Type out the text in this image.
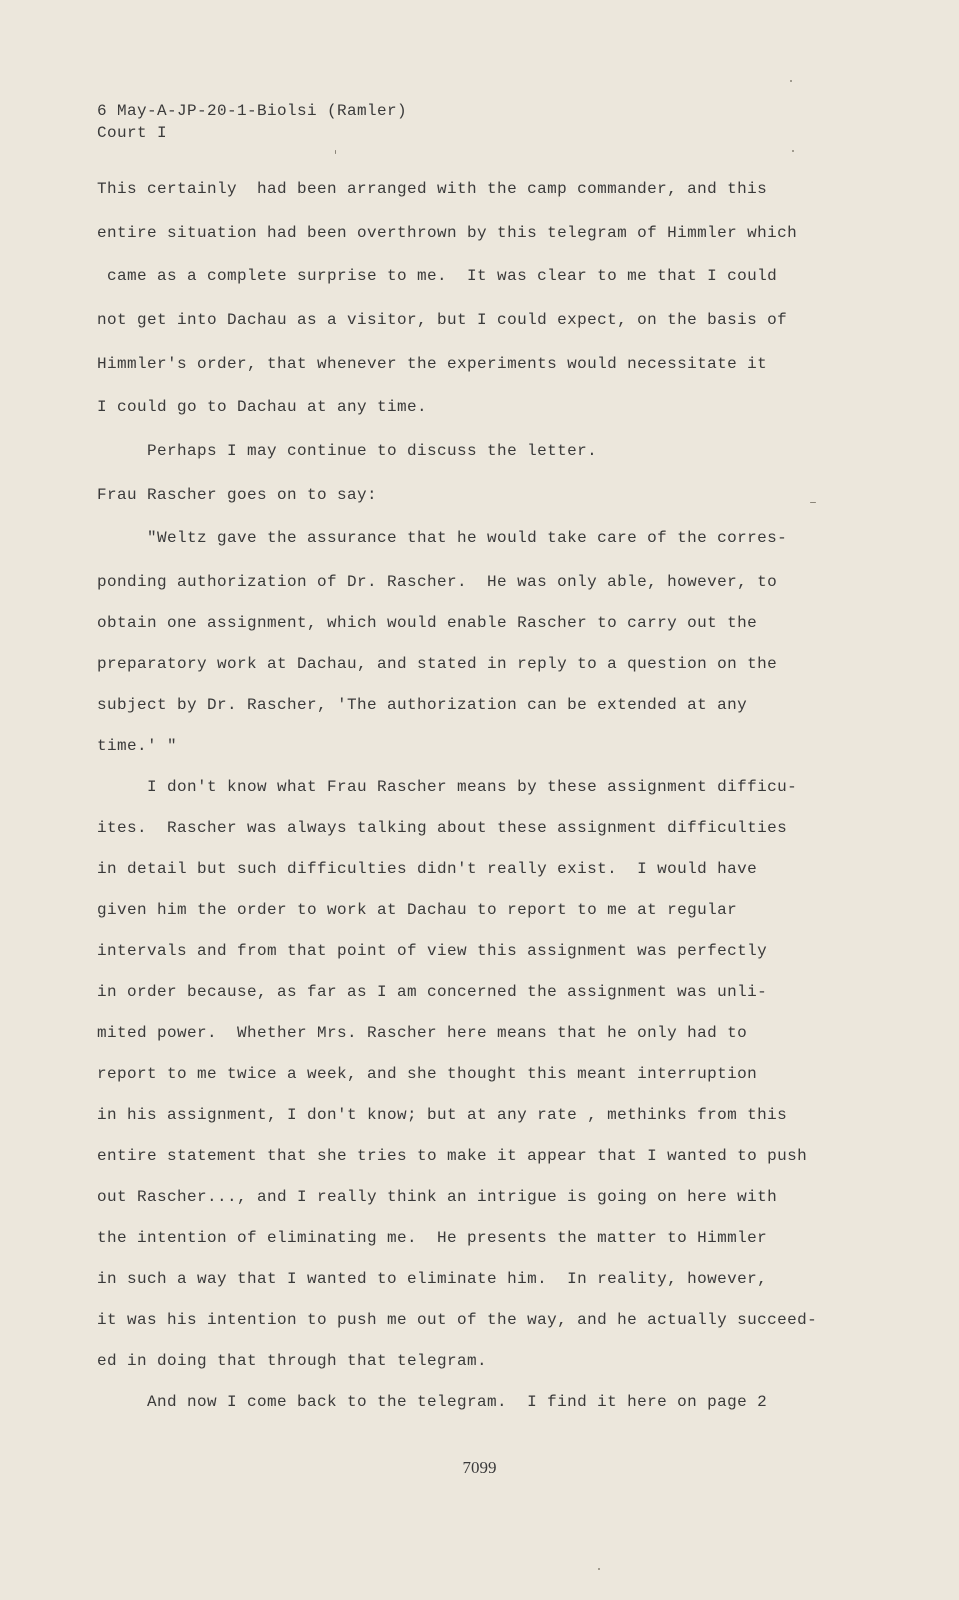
6 May-A-JP-20-1-Biolsi (Ramler)
Court I
This certainly  had been arranged with the camp commander, and this
entire situation had been overthrown by this telegram of Himmler which
came as a complete surprise to me.  It was clear to me that I could
not get into Dachau as a visitor, but I could expect, on the basis of
Himmler's order, that whenever the experiments would necessitate it
I could go to Dachau at any time.
Perhaps I may continue to discuss the letter.
Frau Rascher goes on to say:
"Weltz gave the assurance that he would take care of the corres-
ponding authorization of Dr. Rascher.  He was only able, however, to
obtain one assignment, which would enable Rascher to carry out the
preparatory work at Dachau, and stated in reply to a question on the
subject by Dr. Rascher, 'The authorization can be extended at any
time.' "
I don't know what Frau Rascher means by these assignment difficu-
ites.  Rascher was always talking about these assignment difficulties
in detail but such difficulties didn't really exist.  I would have
given him the order to work at Dachau to report to me at regular
intervals and from that point of view this assignment was perfectly
in order because, as far as I am concerned the assignment was unli-
mited power.  Whether Mrs. Rascher here means that he only had to
report to me twice a week, and she thought this meant interruption
in his assignment, I don't know; but at any rate , methinks from this
entire statement that she tries to make it appear that I wanted to push
out Rascher..., and I really think an intrigue is going on here with
the intention of eliminating me.  He presents the matter to Himmler
in such a way that I wanted to eliminate him.  In reality, however,
it was his intention to push me out of the way, and he actually succeed-
ed in doing that through that telegram.
And now I come back to the telegram.  I find it here on page 2
7099
